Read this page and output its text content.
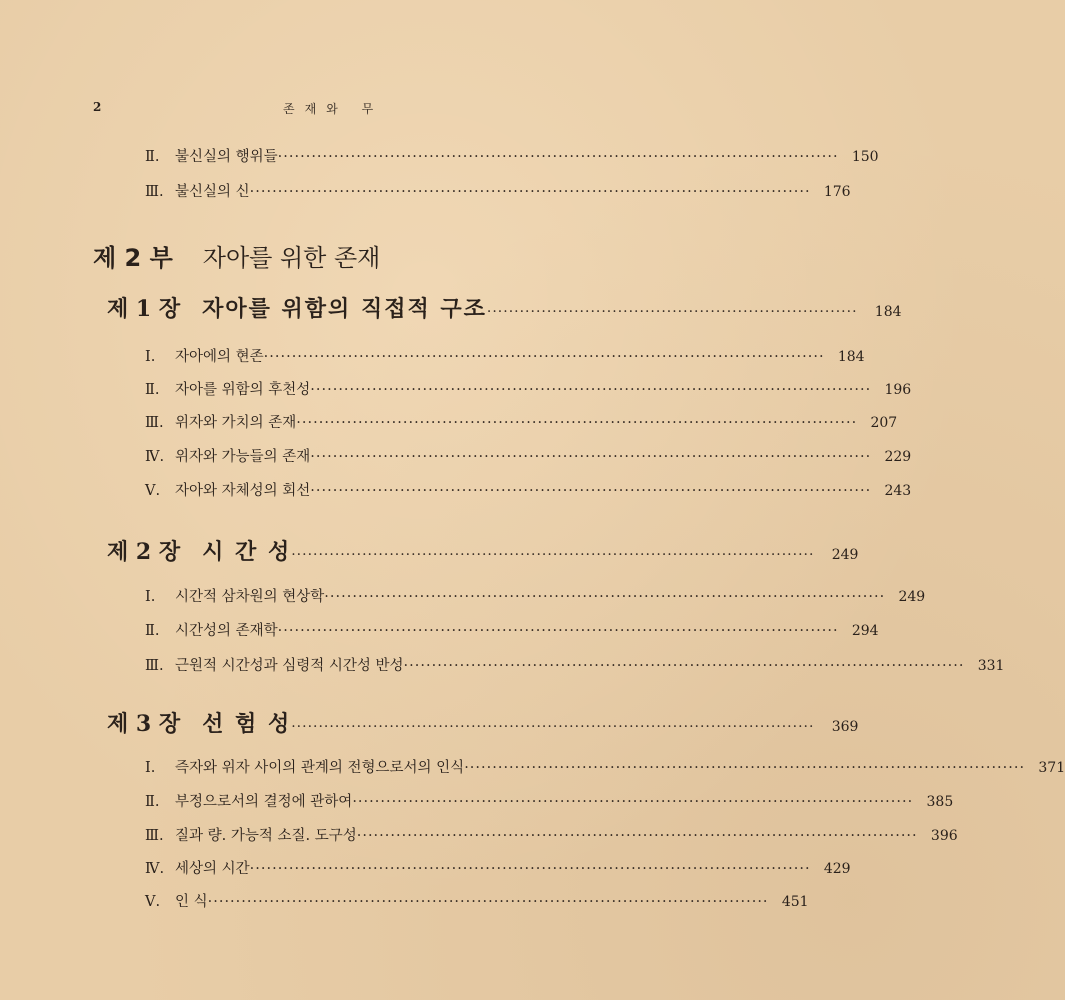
2	존재와 무
Ⅱ. 불신실의 행위들 ···································································································· 150
Ⅲ. 불신실의 신 ···································································································· 176
제 2 부 자아를 위한 존재
제 1 장 자아를 위함의 직접적 구조 ····································································	184
Ⅰ. 자아에의 현존 ···································································································· 184
Ⅱ. 자아를 위함의 후천성 ···································································································· 196
Ⅲ. 위자와 가치의 존재 ···································································································· 207
Ⅳ. 위자와 가능들의 존재 ···································································································· 229
Ⅴ. 자아와 자체성의 회선 ···································································································· 243
제 2 장 시 간 성 ································································································	249
Ⅰ. 시간적 삼차원의 현상학 ···································································································· 249
Ⅱ. 시간성의 존재학 ···································································································· 294
Ⅲ. 근원적 시간성과 심령적 시간성 반성 ···································································································· 331
제 3 장 선 험 성 ································································································	369
Ⅰ. 즉자와 위자 사이의 관계의 전형으로서의 인식 ···································································································· 371
Ⅱ. 부정으로서의 결정에 관하여 ···································································································· 385
Ⅲ. 질과 량. 가능적 소질. 도구성 ···································································································· 396
Ⅳ. 세상의 시간 ···································································································· 429
Ⅴ. 인 식 ···································································································· 451
